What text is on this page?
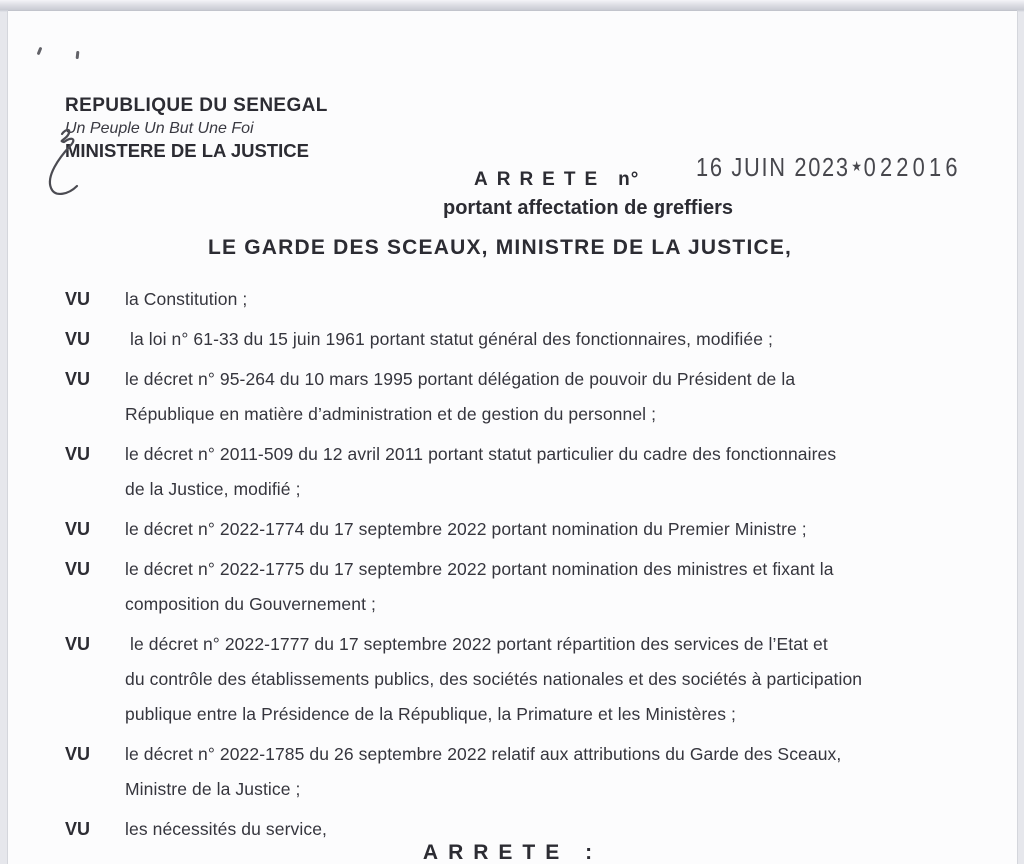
REPUBLIQUE DU SENEGAL
Un Peuple Un But Une Foi
MINISTERE DE LA JUSTICE
ARRETE n° 16 JUIN 2023 ★022016
portant affectation de greffiers
LE GARDE DES SCEAUX, MINISTRE DE LA JUSTICE,
VU	la Constitution ;
VU	la loi n° 61-33 du 15 juin 1961 portant statut général des fonctionnaires, modifiée ;
VU	le décret n° 95-264 du 10 mars 1995 portant délégation de pouvoir du Président de la
République en matière d’administration et de gestion du personnel ;
VU	le décret n° 2011-509 du 12 avril 2011 portant statut particulier du cadre des fonctionnaires
de la Justice, modifié ;
VU	le décret n° 2022-1774 du 17 septembre 2022 portant nomination du Premier Ministre ;
VU	le décret n° 2022-1775 du 17 septembre 2022 portant nomination des ministres et fixant la
composition du Gouvernement ;
VU	le décret n° 2022-1777 du 17 septembre 2022 portant répartition des services de l’Etat et
du contrôle des établissements publics, des sociétés nationales et des sociétés à participation
publique entre la Présidence de la République, la Primature et les Ministères ;
VU	le décret n° 2022-1785 du 26 septembre 2022 relatif aux attributions du Garde des Sceaux,
Ministre de la Justice ;
VU	les nécessités du service,
ARRETE :
